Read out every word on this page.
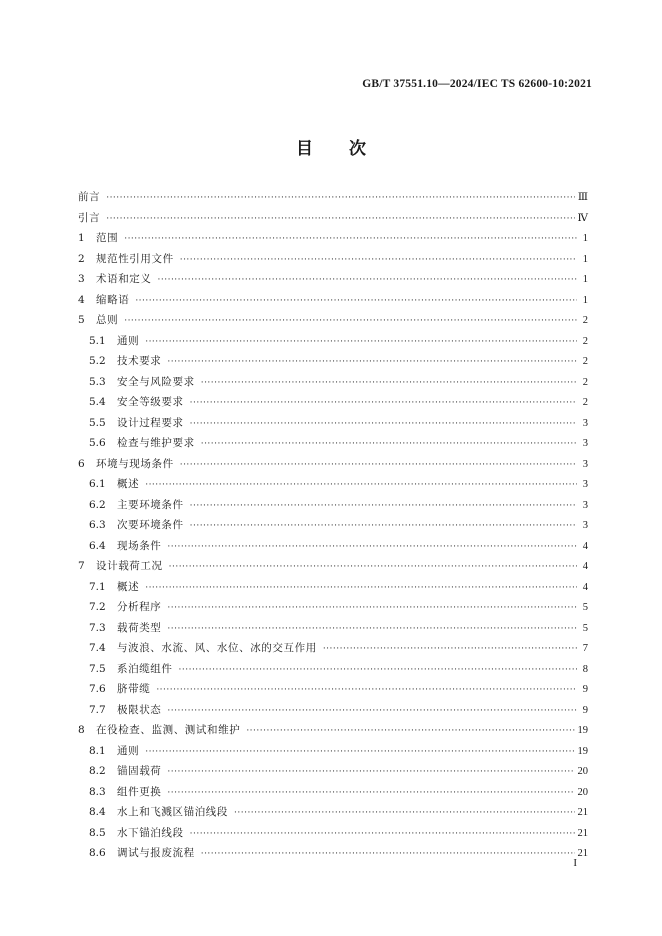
GB/T 37551.10—2024/IEC TS 62600-10:2021
目 次
前言 ·····	Ⅲ
引言 ·····	Ⅳ
1	范围 ·····	1
2	规范性引用文件 ·····	1
3	术语和定义 ·····	1
4	缩略语 ·····	1
5	总则 ·····	2
5.1	通则 ·····	2
5.2	技术要求 ·····	2
5.3	安全与风险要求 ·····	2
5.4	安全等级要求 ·····	2
5.5	设计过程要求 ·····	3
5.6	检查与维护要求 ·····	3
6	环境与现场条件 ·····	3
6.1	概述 ·····	3
6.2	主要环境条件 ·····	3
6.3	次要环境条件 ·····	3
6.4	现场条件 ·····	4
7	设计载荷工况 ·····	4
7.1	概述 ·····	4
7.2	分析程序 ·····	5
7.3	载荷类型 ·····	5
7.4	与波浪、水流、风、水位、冰的交互作用 ·····	7
7.5	系泊缆组件 ·····	8
7.6	脐带缆 ·····	9
7.7	极限状态 ·····	9
8	在役检查、监测、测试和维护 ·····	19
8.1	通则 ·····	19
8.2	锚固载荷 ·····	20
8.3	组件更换 ·····	20
8.4	水上和飞溅区锚泊线段 ·····	21
8.5	水下锚泊线段 ·····	21
8.6	调试与报废流程 ·····	21
I
